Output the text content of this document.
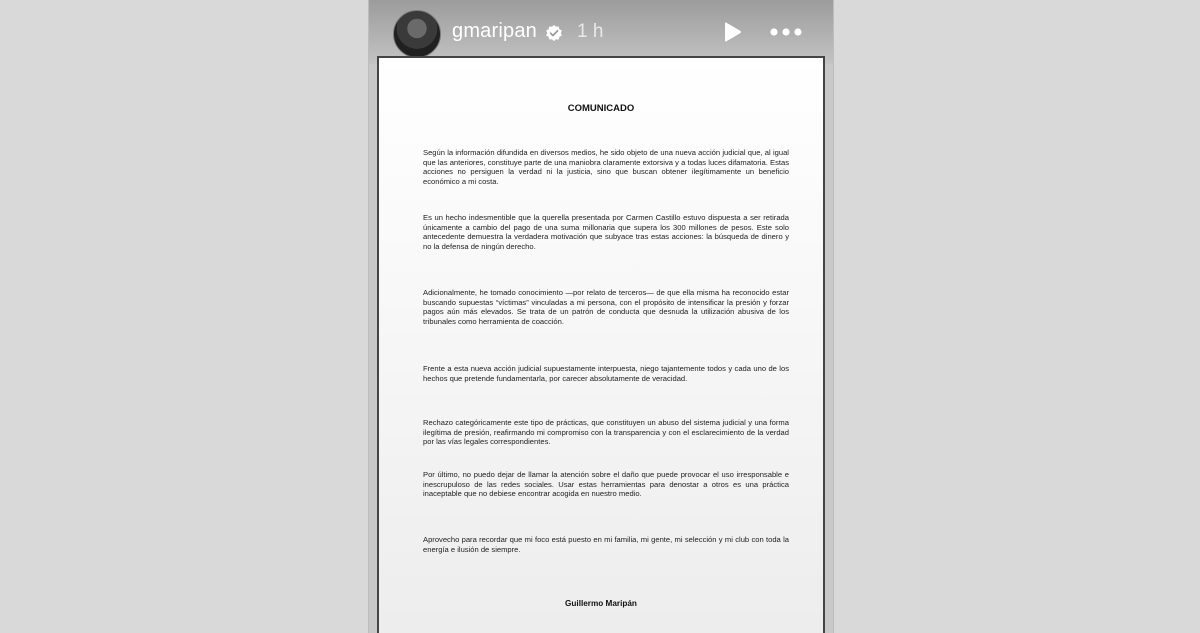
gmaripan 1 h
COMUNICADO

Según la información difundida en diversos medios, he sido objeto de una nueva acción judicial que, al igual que las anteriores, constituye parte de una maniobra claramente extorsiva y a todas luces difamatoria. Estas acciones no persiguen la verdad ni la justicia, sino que buscan obtener ilegítimamente un beneficio económico a mi costa.

Es un hecho indesmentible que la querella presentada por Carmen Castillo estuvo dispuesta a ser retirada únicamente a cambio del pago de una suma millonaria que supera los 300 millones de pesos. Este solo antecedente demuestra la verdadera motivación que subyace tras estas acciones: la búsqueda de dinero y no la defensa de ningún derecho.

Adicionalmente, he tomado conocimiento —por relato de terceros— de que ella misma ha reconocido estar buscando supuestas “víctimas” vinculadas a mi persona, con el propósito de intensificar la presión y forzar pagos aún más elevados. Se trata de un patrón de conducta que desnuda la utilización abusiva de los tribunales como herramienta de coacción.

Frente a esta nueva acción judicial supuestamente interpuesta, niego tajantemente todos y cada uno de los hechos que pretende fundamentarla, por carecer absolutamente de veracidad.

Rechazo categóricamente este tipo de prácticas, que constituyen un abuso del sistema judicial y una forma ilegítima de presión, reafirmando mi compromiso con la transparencia y con el esclarecimiento de la verdad por las vías legales correspondientes.

Por último, no puedo dejar de llamar la atención sobre el daño que puede provocar el uso irresponsable e inescrupuloso de las redes sociales. Usar estas herramientas para denostar a otros es una práctica inaceptable que no debiese encontrar acogida en nuestro medio.

Aprovecho para recordar que mi foco está puesto en mi familia, mi gente, mi selección y mi club con toda la energía e ilusión de siempre.

Guillermo Maripán
